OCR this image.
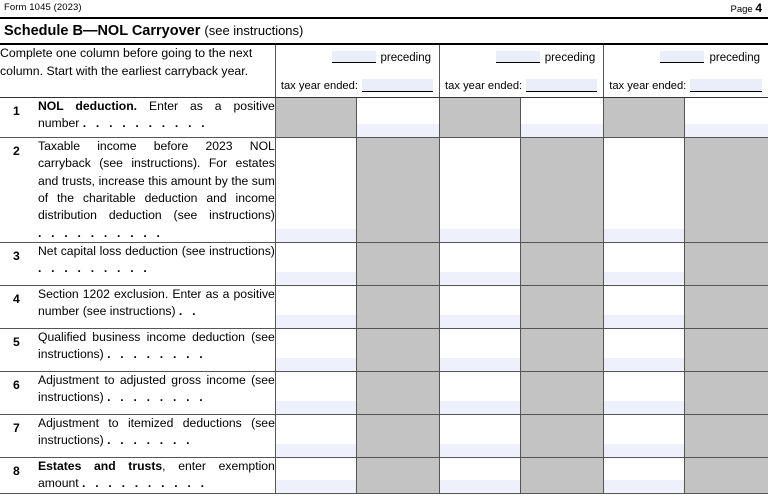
Form 1045 (2023)	Page 4
Schedule B—NOL Carryover (see instructions)
Complete one column before going to the next
column. Start with the earliest carryback year.	
preceding
tax year ended:

preceding
tax year ended:

preceding
tax year ended:

1 NOL deduction. Enter as a positive number . . . . . . . . . .						

2 Taxable income before 2023 NOL carryback (see instructions). For estates and trusts, increase this amount by the sum of the charitable deduction and income distribution deduction (see instructions) . . . . . . . . . .						

3 Net capital loss deduction (see instructions) . . . . . . . . .						

4 Section 1202 exclusion. Enter as a positive number (see instructions) . .						

5 Qualified business income deduction (see instructions) . . . . . . . .						

6 Adjustment to adjusted gross income (see instructions) . . . . . . . .						

7 Adjustment to itemized deductions (see instructions) . . . . . . .						

8 Estates and trusts, enter exemption amount . . . . . . . . . .						
